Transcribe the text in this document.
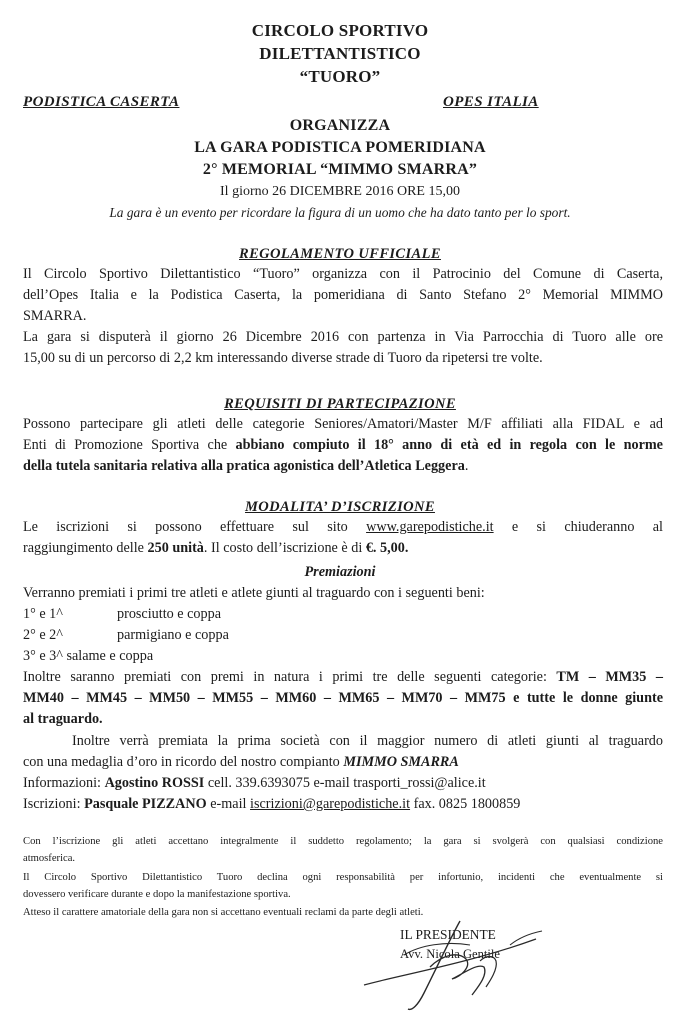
CIRCOLO SPORTIVO
DILETTANTISTICO
“TUORO”
PODISTICA CASERTA	OPES ITALIA
ORGANIZZA
LA GARA PODISTICA POMERIDIANA
2° MEMORIAL “MIMMO SMARRA”
Il giorno 26 DICEMBRE 2016 ORE 15,00
La gara è un evento per ricordare la figura di un uomo che ha dato tanto per lo sport.
REGOLAMENTO UFFICIALE
Il Circolo Sportivo Dilettantistico “Tuoro” organizza con il Patrocinio del Comune di Caserta,
dell’Opes Italia e la Podistica Caserta, la pomeridiana di Santo Stefano 2° Memorial MIMMO
SMARRA.
La gara si disputerà il giorno 26 Dicembre 2016 con partenza in Via Parrocchia di Tuoro alle ore
15,00 su di un percorso di 2,2 km interessando diverse strade di Tuoro da ripetersi tre volte.
REQUISITI DI PARTECIPAZIONE
Possono partecipare gli atleti delle categorie Seniores/Amatori/Master M/F affiliati alla FIDAL e ad
Enti di Promozione Sportiva che abbiano compiuto il 18° anno di età ed in regola con le norme
della tutela sanitaria relativa alla pratica agonistica dell’Atletica Leggera.
MODALITA’ D’ISCRIZIONE
Le iscrizioni si possono effettuare sul sito www.garepodistiche.it e si chiuderanno al
raggiungimento delle 250 unità. Il costo dell’iscrizione è di €. 5,00.
Premiazioni
Verranno premiati i primi tre atleti e atlete giunti al traguardo con i seguenti beni:
1° e 1^	prosciutto e coppa
2° e 2^	parmigiano e coppa
3° e 3^ salame e coppa
Inoltre saranno premiati con premi in natura i primi tre delle seguenti categorie: TM – MM35 –
MM40 – MM45 – MM50 – MM55 – MM60 – MM65 – MM70 – MM75 e tutte le donne giunte
al traguardo.
Inoltre verrà premiata la prima società con il maggior numero di atleti giunti al traguardo
con una medaglia d’oro in ricordo del nostro compianto MIMMO SMARRA
Informazioni: Agostino ROSSI cell. 339.6393075 e-mail trasporti_rossi@alice.it
Iscrizioni: Pasquale PIZZANO e-mail iscrizioni@garepodistiche.it fax. 0825 1800859
Con l’iscrizione gli atleti accettano integralmente il suddetto regolamento; la gara si svolgerà con qualsiasi condizione
atmosferica.
Il Circolo Sportivo Dilettantistico Tuoro declina ogni responsabilità per infortunio, incidenti che eventualmente si
dovessero verificare durante e dopo la manifestazione sportiva.
Atteso il carattere amatoriale della gara non si accettano eventuali reclami da parte degli atleti.
IL PRESIDENTE
Avv. Nicola Gentile
